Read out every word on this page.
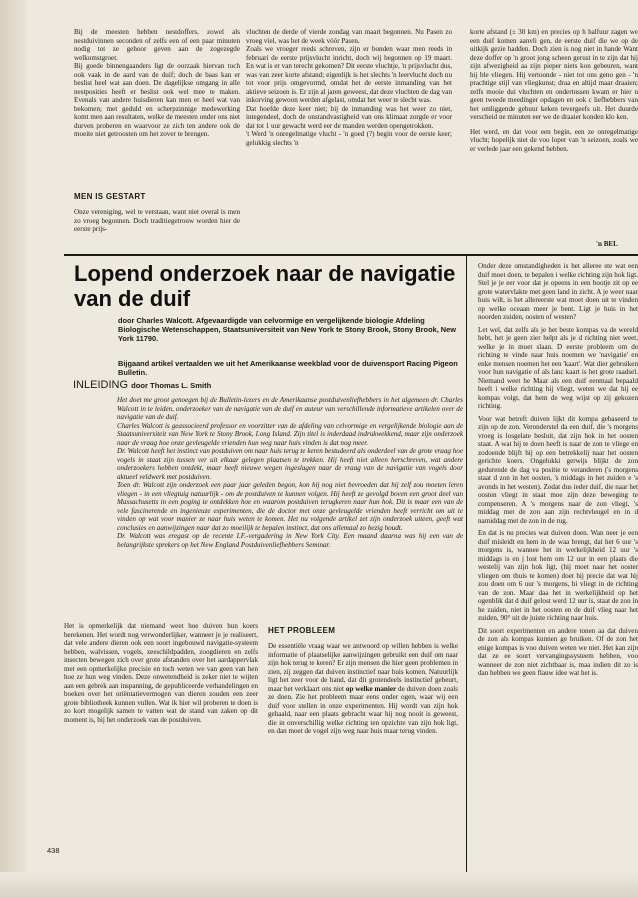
Bij de meesten hebben nestdoffers, zowel als nestduivinnen seconden of zelfs een of een paar minuten nodig tot ze gehoor geven aan de zogezegde welkomstgroet.

Bij goede binnengaanders ligt de oorzaak hiervan toch ook vaak in de aard van de duif; doch de baas kan er beslist heel wat aan doen. De dagelijkse omgang in alle nestposities heeft er beslist ook wel mee te maken. Evenals van andere huisdieren kan men er heel wat van bekomen; met geduld en scherpzinnige medewerking komt men aan resultaten, welke de meesten onder ons niet durven proberen en waarvoor ze zich ten andere ook de moeite niet getroosten om het zover te brengen.

MEN IS GESTART

Onze vereniging, wel te verstaan, want niet overal is men zo vroeg begonnen. Doch traditiegetrouw worden hier de eerste prijs-

vluchten de derde of vierde zondag van maart begonnen. Nu Pasen zo vroeg viel, was het de week vóór Pasen.

Zoals we vroeger reeds schreven, zijn er bonden waar men reeds in februari de eerste prijsvlucht inricht, doch wij begonnen op 19 maart. En wat is er van terecht gekomen? Dit eerste vluchtje, 'n prijsvlucht dus, was van zeer korte afstand; eigenlijk is het slechts 'n leervlucht doch nu tot voor prijs omgevormd, omdat het de eerste inmanding van het aktieve seizoen is. Er zijn al jaren geweest, dat deze vluchten de dag van inkorving gewoon werden afgelast, omdat het weer te slecht was.

Dat hoefde deze keer niet; bij de inmanding was het weer zo niet, integendeel, doch de onstandvastigheid van ons klimaat zorgde er voor dat tot 1 uur gewacht werd eer de manden werden opengetrokken.

't Werd 'n onregelmatige vlucht - 'n goed (?) begin voor de eerste keer; gelukkig slechts 'n

korte afstand (± 30 km) en precies op h halfuur zagen we een duif komen aanvli gen, de eerste duif die we op de uitkijk gezie hadden. Doch zien is nog niet in hande Want deze doffer op 'n groot jong scheen gerust in te zijn dat hij zijn afwezigheid aa zijn pieper niets kon gebeuren, want hij ble vliegen. Hij vertoonde - niet tot ons geno gen - 'n prachtige stijl van vliegkunst; draa en altijd maar draaien; zelfs mooie dui vluchten en ondertussen kwam er hier n geen tweede meedinger opdagen en ook c liefhebbers van het omliggende gebuur keken tevergeefs uit. Het duurde verscheid ne minuten eer we de draaier konden klo ken.

Het werd, en dat voor een begin, een ze onregelmatige vlucht; hopelijk niet de voo loper van 'n seizoen, zoals we er verlede jaar een gekend hebben.

'n BEL
Lopend onderzoek naar de navigatie van de duif
door Charles Walcott. Afgevaardigde van celvormige en vergelijkende biologie Afdeling Biologische Wetenschappen, Staatsuniversiteit van New York te Stony Brook, Stony Brook, New York 11790.
Bijgaand artikel vertaalden we uit het Amerikaanse weekblad voor de duivensport Racing Pigeon Bulletin.
INLEIDING door Thomas L. Smith

Het doet me groot genoegen bij de Bulletin-lezers en de Amerikaanse postduivenliefhebbers in het algemeen dr. Charles Walcott in te leiden, onderzoeker van de navigatie van de duif en auteur van verschillende informatieve artikelen over de navigatie van de duif.

Charles Walcott is geassocieerd professor en voorzitter van de afdeling van celvormige en vergelijkende biologie aan de Staatsuniversiteit van New York te Stony Brook, Long Island. Zijn titel is inderdaad indrukwekkend, maar zijn onderzoek naar de vraag hoe onze gevleugelde vrienden hun weg naar huis vinden is dat nog meer.

Dr. Walcott heeft het instinct van postduiven om naar huis terug te keren bestudeerd als onderdeel van de grote vraag hoe vogels in staat zijn tussen ver uit elkaar gelegen plaatsen te trekken. Hij heeft niet alleen herschreven, wat andere onderzoekers hebben ontdekt, maar heeft nieuwe wegen ingeslagen naar de vraag van de navigatie van vogels door aktueel veldwerk met postduiven.

Toen dr. Walcott zijn onderzoek een paar jaar geleden begon, kon hij nog niet bevroeden dat hij zelf zou moeten leren vliegen - in een vliegtuig natuurlijk - om de postduiven te kunnen volgen. Hij heeft ze gevolgd boven een groot deel van Massachusetts in een poging te ontdekken hoe en waarom postduiven terugkeren naar hun hok. Dit is maar een van de vele fascinerende en ingenieuze experimenten, die de doctor met onze gevleugelde vrienden heeft verricht om uit te vinden op wat voor manier ze naar huis weten te komen. Het nu volgende artikel zet zijn onderzoek uiteen, geeft wat conclusies en aanwijzingen naar dat zo moeilijk te bepalen instinct, dat ons allemaal zo bezig houdt.

Dr. Walcott was eregast op de recente I.F.-vergadering in New York City. Een maand daarna was hij een van de belangrijkste sprekers op het New England Postduivenliefhebbers Seminar.

Het is opmerkelijk dat niemand weet hoe duiven hun koers berekenen. Het wordt nog verwonderlijker, wanneer je je realiseert, dat vele andere dieren ook een soort ingebouwd navigatie-systeem hebben, walvissen, vogels, zeeschildpadden, zoogdieren en zelfs insecten bewegen zich over grote afstanden over het aardappervlak met een opmerkelijke precisie en toch weten we van geen van hen hoe ze hun weg vinden. Deze onwetendheid is zeker niet te wijten aan een gebrek aan inspanning, de gepubliceerde verhandelingen en boeken over het oriëntatievermogen van dieren zouden een zeer grote bibliotheek kunnen vullen. Wat ik hier wil proberen te doen is zo kort mogelijk samen te vatten wat de stand van zaken op dit moment is, bij het onderzoek van de postduiven.

HET PROBLEEM

De essentiële vraag waar we antwoord op willen hebben is welke informatie of plaatselijke aanwijzingen gebruikt een duif om naar zijn hok terug te keren? Er zijn mensen die hier geen problemen in zien, zij zeggen dat duiven instinctief naar huis komen. Natuurlijk ligt het zeer voor de hand, dat dit grotendeels instinctief gebeurt, maar het verklaart ons niet op welke manier de duiven doen zoals ze doen. Zie het probleem maar eens onder ogen, waar wij een duif voor stellen in onze experimenten. Hij wordt van zijn hok gehaald, naar een plaats gebracht waar hij nog nooit is geweest, die in onverschillig welke richting ten opzichte van zijn hok ligt, en dan moet de vogel zijn weg naar huis maar terug vinden.

Onder deze omstandigheden is het alleree ste wat een duif moet doen, te bepalen i welke richting zijn hok ligt. Stel je je eer voor dat je opeens in een bootje zit op ee grote watervlakte met geen land in zicht. A je weer naar huis wilt, is het allereerste wat moet doen uit te vinden op welke oceaan meer je bent. Ligt je huis in het noorden zuiden, oosten of westen?

Let wel, dat zelfs als je het beste kompas va de wereld hebt, het je geen zier helpt als je d richting niet weet, welke je in moet slaan. D eerste probleem om de richting te vinde naar huis noemen we 'navigatie' en enke mensen noemen het een 'kaart'. Wat dier gebruiken voor hun navigatie of als lanc kaart is het grote raadsel. Niemand weet he Maar als een duif eenmaal bepaald heeft i welke richting hij vliegt, weten we dat hij ee kompas volgt, dat hem de weg wijst op zij gekozen richting.

Voor wat betreft duiven lijkt dit kompa gebaseerd te zijn op de zon. Veronderstel da een duif, die 's morgens vroeg is losgelate besluit, dat zijn hok in het oosten staat. A wat hij te doen heeft is naar de zon te vliege en zodoende blijft hij op een betrekkelij naar het oosten gerichte koers. Ongelukki gerwijs blijkt de zon gedurende de dag va positie te veranderen ('s morgens staat d zon in het oosten, 's middags in het zuiden e 's avonds in het westen). Zodat dus ieder duif, die naar het oosten vliegt in staat moe zijn deze beweging te compenseren. A 's morgens naar de zon vliegt, 's middag met de zon aan zijn rechtvleugel en in d namiddag met de zon in de rug.

En dat is nu precies wat duiven doen. Wan neer je een duif misleidt en hem in de waa brengt, dat het 6 uur 's morgens is, wannee het in werkelijkheid 12 uur 's middags is en j lost hem om 12 uur in een plaats die westelij van zijn hok ligt, (hij moet naar het ooster vliegen om thuis te komen) doet hij precie dat wat hij zou doen om 6 uur 's morgens, hi vliegt in de richting van de zon. Maar daa het in werkelijkheid op het ogenblik dat d duif gelost werd 12 uur is, staat de zon in he zuiden, niet in het oosten en de duif vlieg naar het zuiden, 90° uit de juiste richting naar huis.

Dit soort experimenten en andere tonen aa dat duiven de zon als kompas kunnen ge bruiken. Of de zon het enige kompas is voo duiven weten we niet. Het kan zijn dat ze ee soort vervangingssysteem hebben, voo wanneer de zon niet zichtbaar is, maa indien dit zo is dan hebben we geen flauw idee wat het is.

438
